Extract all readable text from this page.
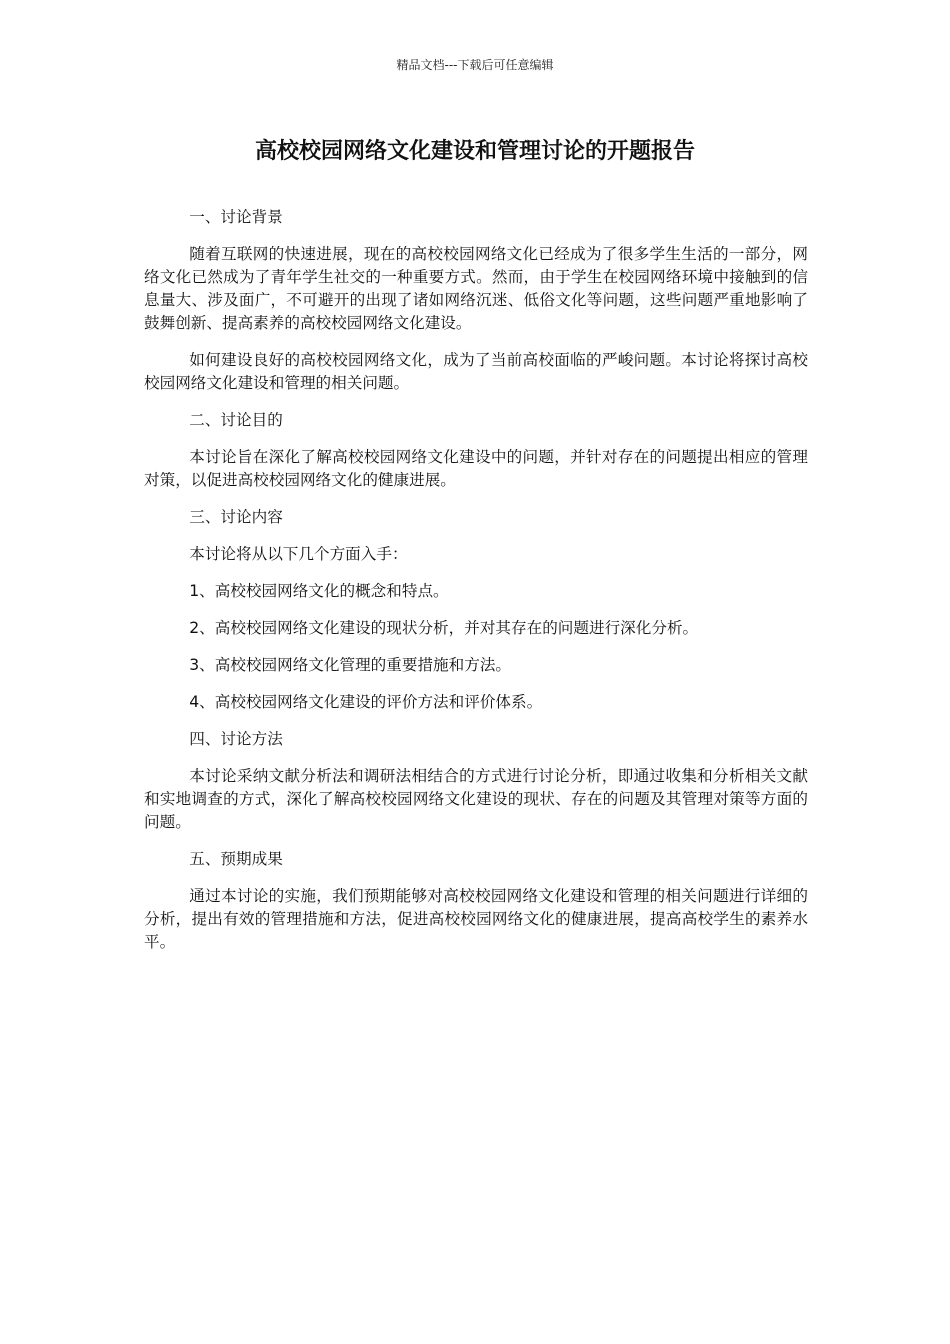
精品文档---下载后可任意编辑
高校校园网络文化建设和管理讨论的开题报告
一、讨论背景
随着互联网的快速进展，现在的高校校园网络文化已经成为了很多学生生活的一部分，网络文化已然成为了青年学生社交的一种重要方式。然而，由于学生在校园网络环境中接触到的信息量大、涉及面广，不可避开的出现了诸如网络沉迷、低俗文化等问题，这些问题严重地影响了鼓舞创新、提高素养的高校校园网络文化建设。
如何建设良好的高校校园网络文化，成为了当前高校面临的严峻问题。本讨论将探讨高校校园网络文化建设和管理的相关问题。
二、讨论目的
本讨论旨在深化了解高校校园网络文化建设中的问题，并针对存在的问题提出相应的管理对策，以促进高校校园网络文化的健康进展。
三、讨论内容
本讨论将从以下几个方面入手：
1、高校校园网络文化的概念和特点。
2、高校校园网络文化建设的现状分析，并对其存在的问题进行深化分析。
3、高校校园网络文化管理的重要措施和方法。
4、高校校园网络文化建设的评价方法和评价体系。
四、讨论方法
本讨论采纳文献分析法和调研法相结合的方式进行讨论分析，即通过收集和分析相关文献和实地调查的方式，深化了解高校校园网络文化建设的现状、存在的问题及其管理对策等方面的问题。
五、预期成果
通过本讨论的实施，我们预期能够对高校校园网络文化建设和管理的相关问题进行详细的分析，提出有效的管理措施和方法，促进高校校园网络文化的健康进展，提高高校学生的素养水平。
